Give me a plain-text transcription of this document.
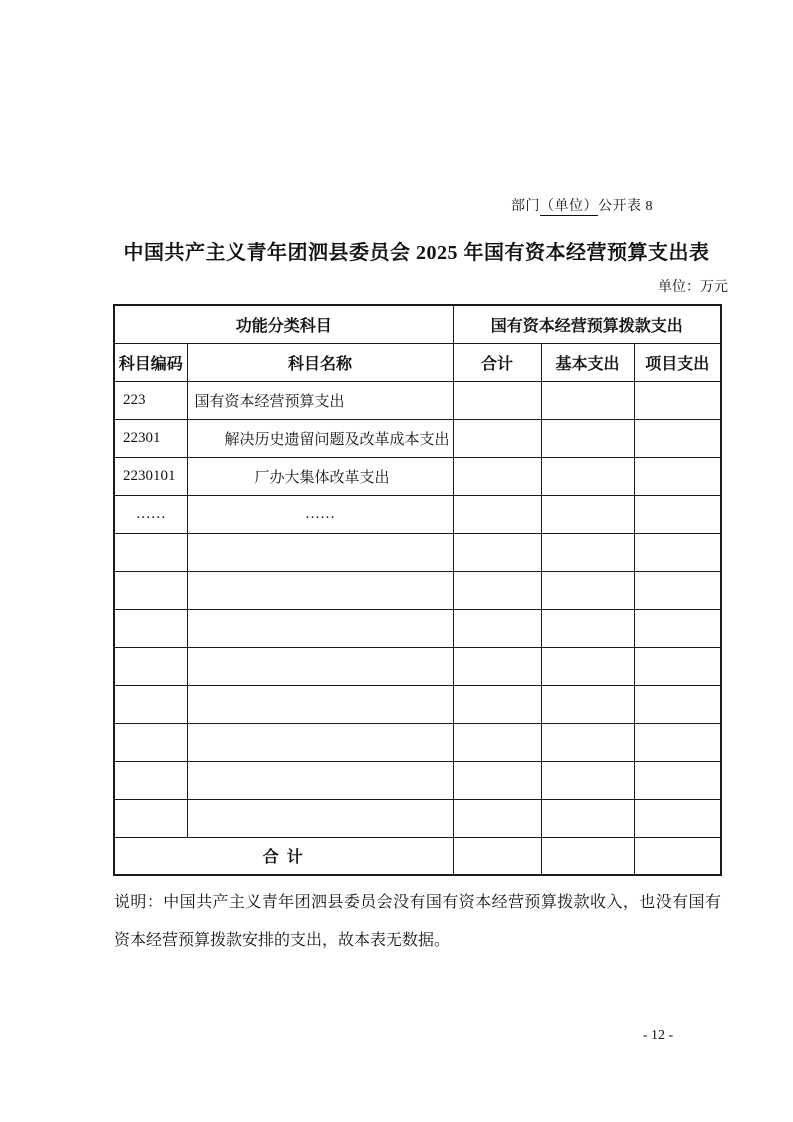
部门（单位）公开表 8
中国共产主义青年团泗县委员会 2025 年国有资本经营预算支出表
单位：万元
功能分类科目		国有资本经营预算拨款支出		
科目编码	科目名称	合计	基本支出	项目支出
223	国有资本经营预算支出			
22301	解决历史遗留问题及改革成本支出			
2230101	厂办大集体改革支出			
……	……			

合 计				
说明：中国共产主义青年团泗县委员会没有国有资本经营预算拨款收入，也没有国有资本经营预算拨款安排的支出，故本表无数据。
- 12 -
